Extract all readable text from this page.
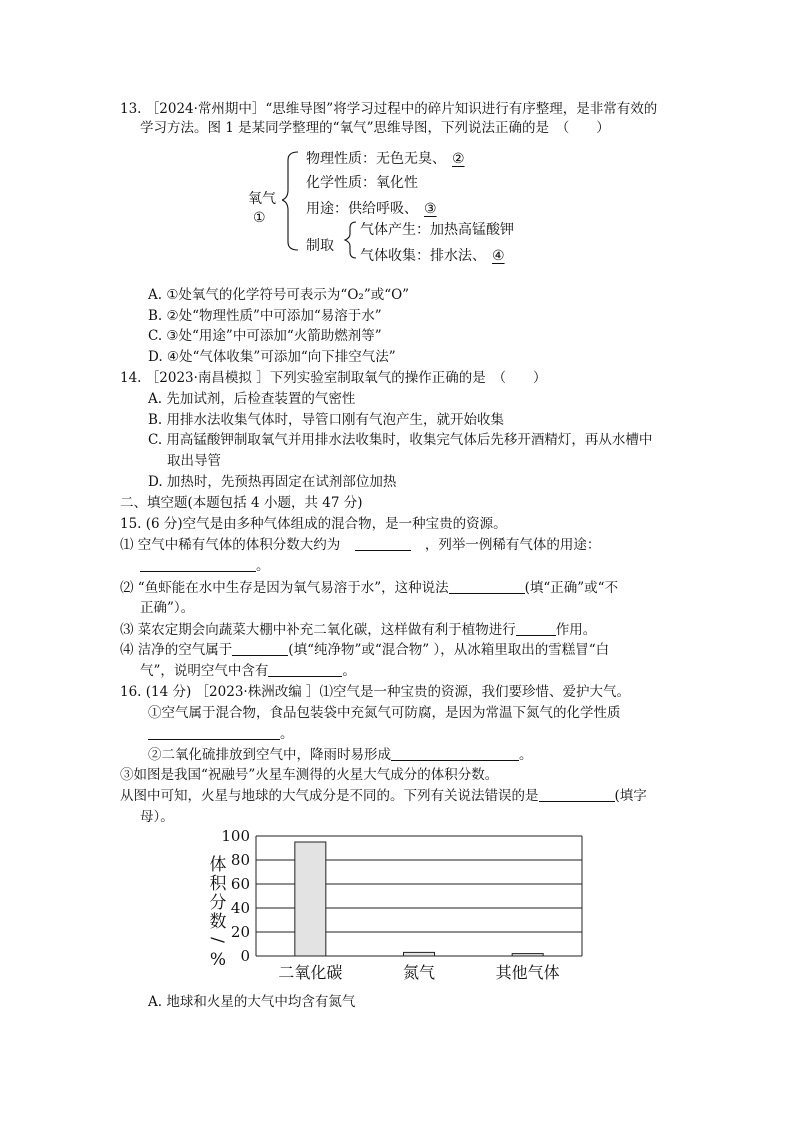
13. ［2024·常州期中］“思维导图”将学习过程中的碎片知识进行有序整理，是非常有效的
学习方法。图 1 是某同学整理的“氧气”思维导图，下列说法正确的是　（　　）
氧气
①
物理性质：无色无臭、 ②
化学性质：氧化性
用途：供给呼吸、 ③
制取
气体产生：加热高锰酸钾
气体收集：排水法、 ④
A. ①处氧气的化学符号可表示为“O₂”或“O”
B. ②处“物理性质”中可添加“易溶于水”
C. ③处“用途”中可添加“火箭助燃剂等”
D. ④处“气体收集”可添加“向下排空气法”
14. ［2023·南昌模拟 ］下列实验室制取氧气的操作正确的是　（　　）
A. 先加试剂，后检查装置的气密性
B. 用排水法收集气体时，导管口刚有气泡产生，就开始收集
C. 用高锰酸钾制取氧气并用排水法收集时，收集完气体后先移开酒精灯，再从水槽中
取出导管
D. 加热时，先预热再固定在试剂部位加热
二、填空题(本题包括 4 小题，共 47 分)
15. (6 分)空气是由多种气体组成的混合物，是一种宝贵的资源。
⑴ 空气中稀有气体的体积分数大约为	，列举一例稀有气体的用途：
。
⑵ “鱼虾能在水中生存是因为氧气易溶于水”，这种说法	(填“正确”或“不
正确”）。
⑶ 菜农定期会向蔬菜大棚中补充二氧化碳，这样做有利于植物进行	作用。
⑷ 洁净的空气属于	(填“纯净物”或“混合物” ），从冰箱里取出的雪糕冒“白
气”，说明空气中含有	。
16. (14 分) ［2023·株洲改编 ］⑴空气是一种宝贵的资源，我们要珍惜、爱护大气。
①空气属于混合物，食品包装袋中充氮气可防腐，是因为常温下氮气的化学性质
。
②二氧化硫排放到空气中，降雨时易形成	。
③如图是我国“祝融号”火星车测得的火星大气成分的体积分数。
从图中可知，火星与地球的大气成分是不同的。下列有关说法错误的是	(填字
母）。
0
20
40
60
80
100
二氧化碳	氮气	其他气体
体
积
分
数
/
%
A. 地球和火星的大气中均含有氮气
